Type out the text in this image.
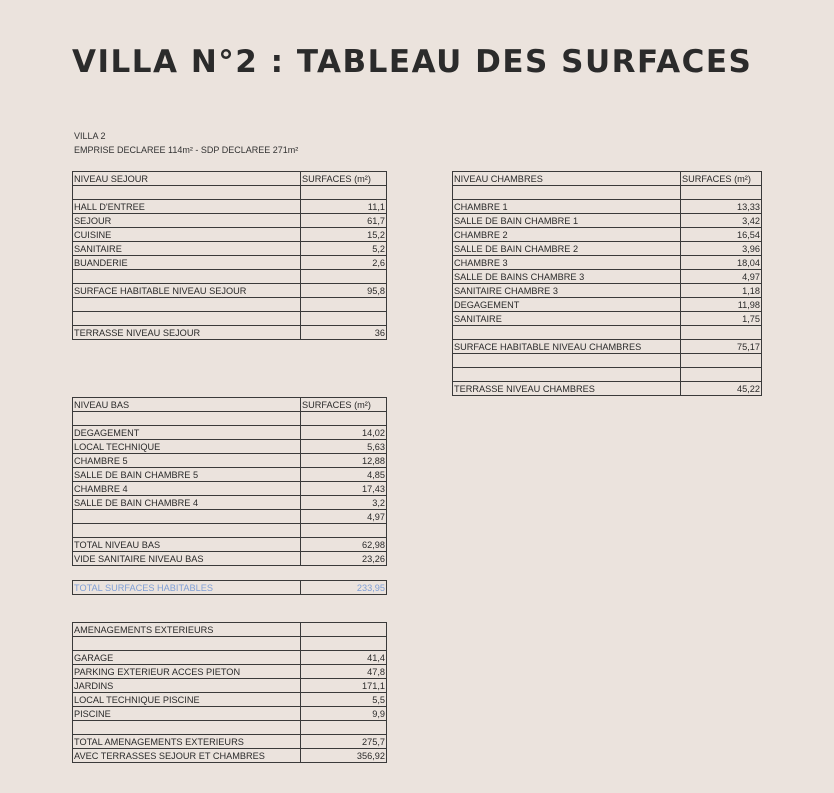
VILLA N°2 : TABLEAU DES SURFACES
VILLA 2
EMPRISE DECLAREE 114m² - SDP DECLAREE 271m²
NIVEAU SEJOUR	SURFACES (m²)

HALL D'ENTREE	11,1
SEJOUR	61,7
CUISINE	15,2
SANITAIRE	5,2
BUANDERIE	2,6

SURFACE HABITABLE NIVEAU SEJOUR	95,8

TERRASSE NIVEAU SEJOUR	36
NIVEAU CHAMBRES	SURFACES (m²)

CHAMBRE 1	13,33
SALLE DE BAIN CHAMBRE 1	3,42
CHAMBRE 2	16,54
SALLE DE BAIN CHAMBRE 2	3,96
CHAMBRE 3	18,04
SALLE DE BAINS CHAMBRE 3	4,97
SANITAIRE CHAMBRE 3	1,18
DEGAGEMENT	11,98
SANITAIRE	1,75

SURFACE HABITABLE NIVEAU CHAMBRES	75,17

TERRASSE NIVEAU CHAMBRES	45,22
NIVEAU BAS	SURFACES (m²)

DEGAGEMENT	14,02
LOCAL TECHNIQUE	5,63
CHAMBRE 5	12,88
SALLE DE BAIN CHAMBRE 5	4,85
CHAMBRE 4	17,43
SALLE DE BAIN CHAMBRE 4	3,2
	4,97

TOTAL NIVEAU BAS	62,98
VIDE SANITAIRE NIVEAU BAS	23,26
TOTAL SURFACES HABITABLES	233,95
AMENAGEMENTS EXTERIEURS	

GARAGE	41,4
PARKING EXTERIEUR ACCES PIETON	47,8
JARDINS	171,1
LOCAL TECHNIQUE PISCINE	5,5
PISCINE	9,9

TOTAL AMENAGEMENTS EXTERIEURS	275,7
AVEC TERRASSES SEJOUR ET CHAMBRES	356,92
